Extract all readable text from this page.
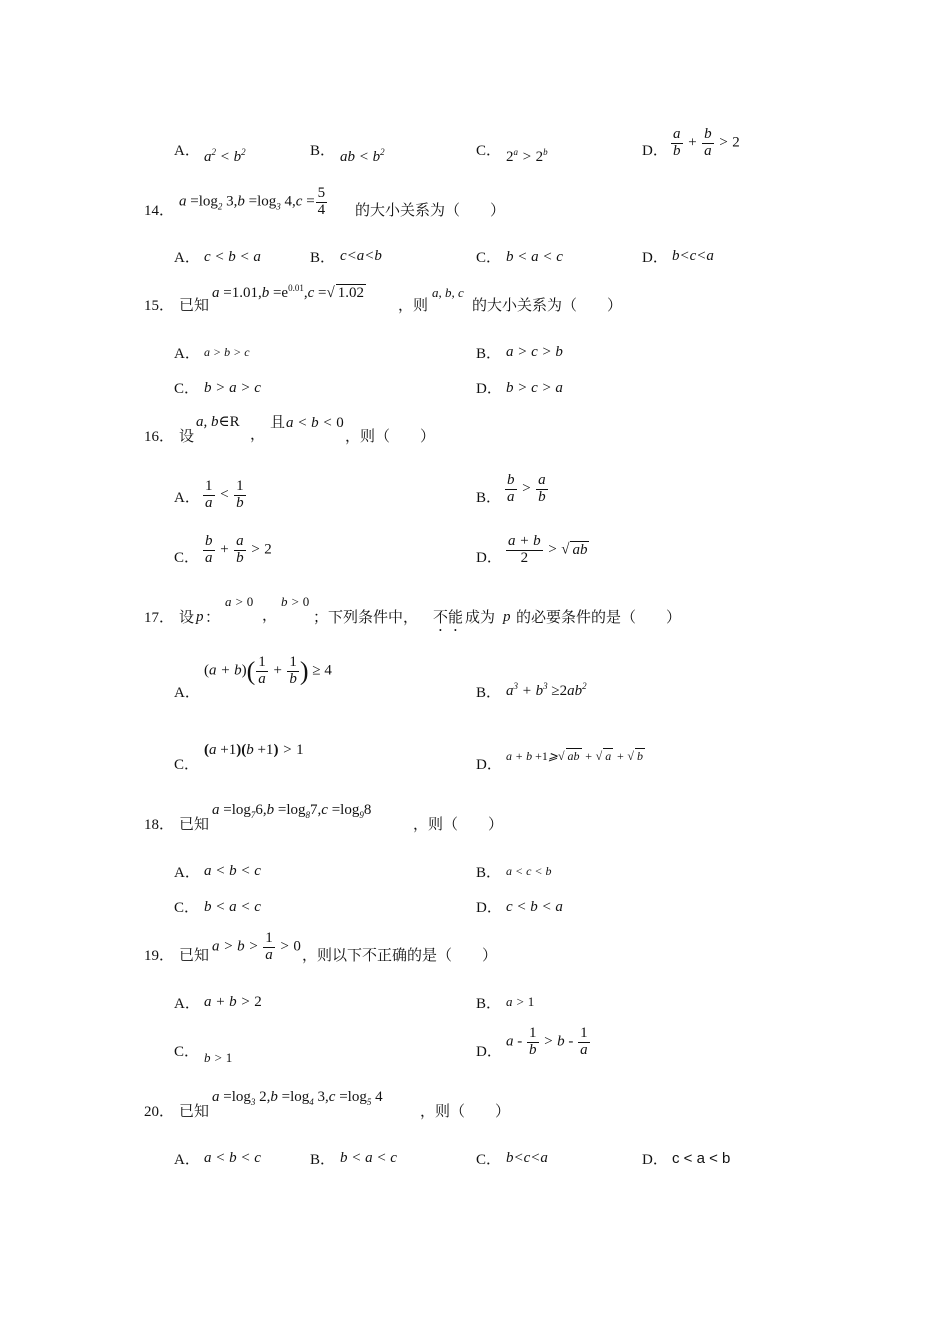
A． $a^2 < b^2$	B． ab < $b^2$	C． $2^a > 2^b$	D． $\frac{a}{b} + \frac{b}{a} > 2$
14．
$a =\log_2$ $3,b =\log_3$ $4,c = \frac{5}{4}$ 的大小关系为（　　）
A． c < b < a	B． c<a<b	C． b < a < c	D． b<c<a
15． 已知
$a =1.01,b =e^{0.01},c$ =√ 1.02
，则
a, b, c
的大小关系为（　　）
A． a > b > c	B． a > c > b
C． b > a > c	D． b > c > a
16． 设
a, b∈R
，
且 a < b < 0
，则（　　）
A． $\frac{1}{a} < \frac{1}{b}$	B． $\frac{b}{a} > \frac{a}{b}$
C． $\frac{b}{a} + \frac{a}{b} > 2$
D． $\frac{a + b}{2}$ > √ ab
17． 设 p ：
a > 0
，
b > 0
；下列条件中， 不能 成为 p 的必要条件的是（　　）
A．
$(a + b)( \frac{1}{a} + \frac{1}{b}$ ) ≥ 4
B． $a^3 + b^3 \ge 2ab^2$
C．
(a +1)(b +1) > 1
D．
a + b +1⩾√ ab + √ a + √ b
18． 已知
$a =\log_76,b =\log_87,c =\log_98$
，则（　　）
A． a < b < c	B． a < c < b
C． b < a < c	D． c < b < a
19． 已知
$a > b > \frac{1}{a} > 0$
，则以下不正确的是（　　）
A． a + b > 2	B． a > 1
C． b > 1	D．
$a - \frac{1}{b} > b - \frac{1}{a}$
20． 已知
$a =\log_3$ $2,b =\log_4$ $3,c =\log_5$ 4
，则（　　）
A． a < b < c	B． b < a < c	C． b<c<a	D． c < a < b
